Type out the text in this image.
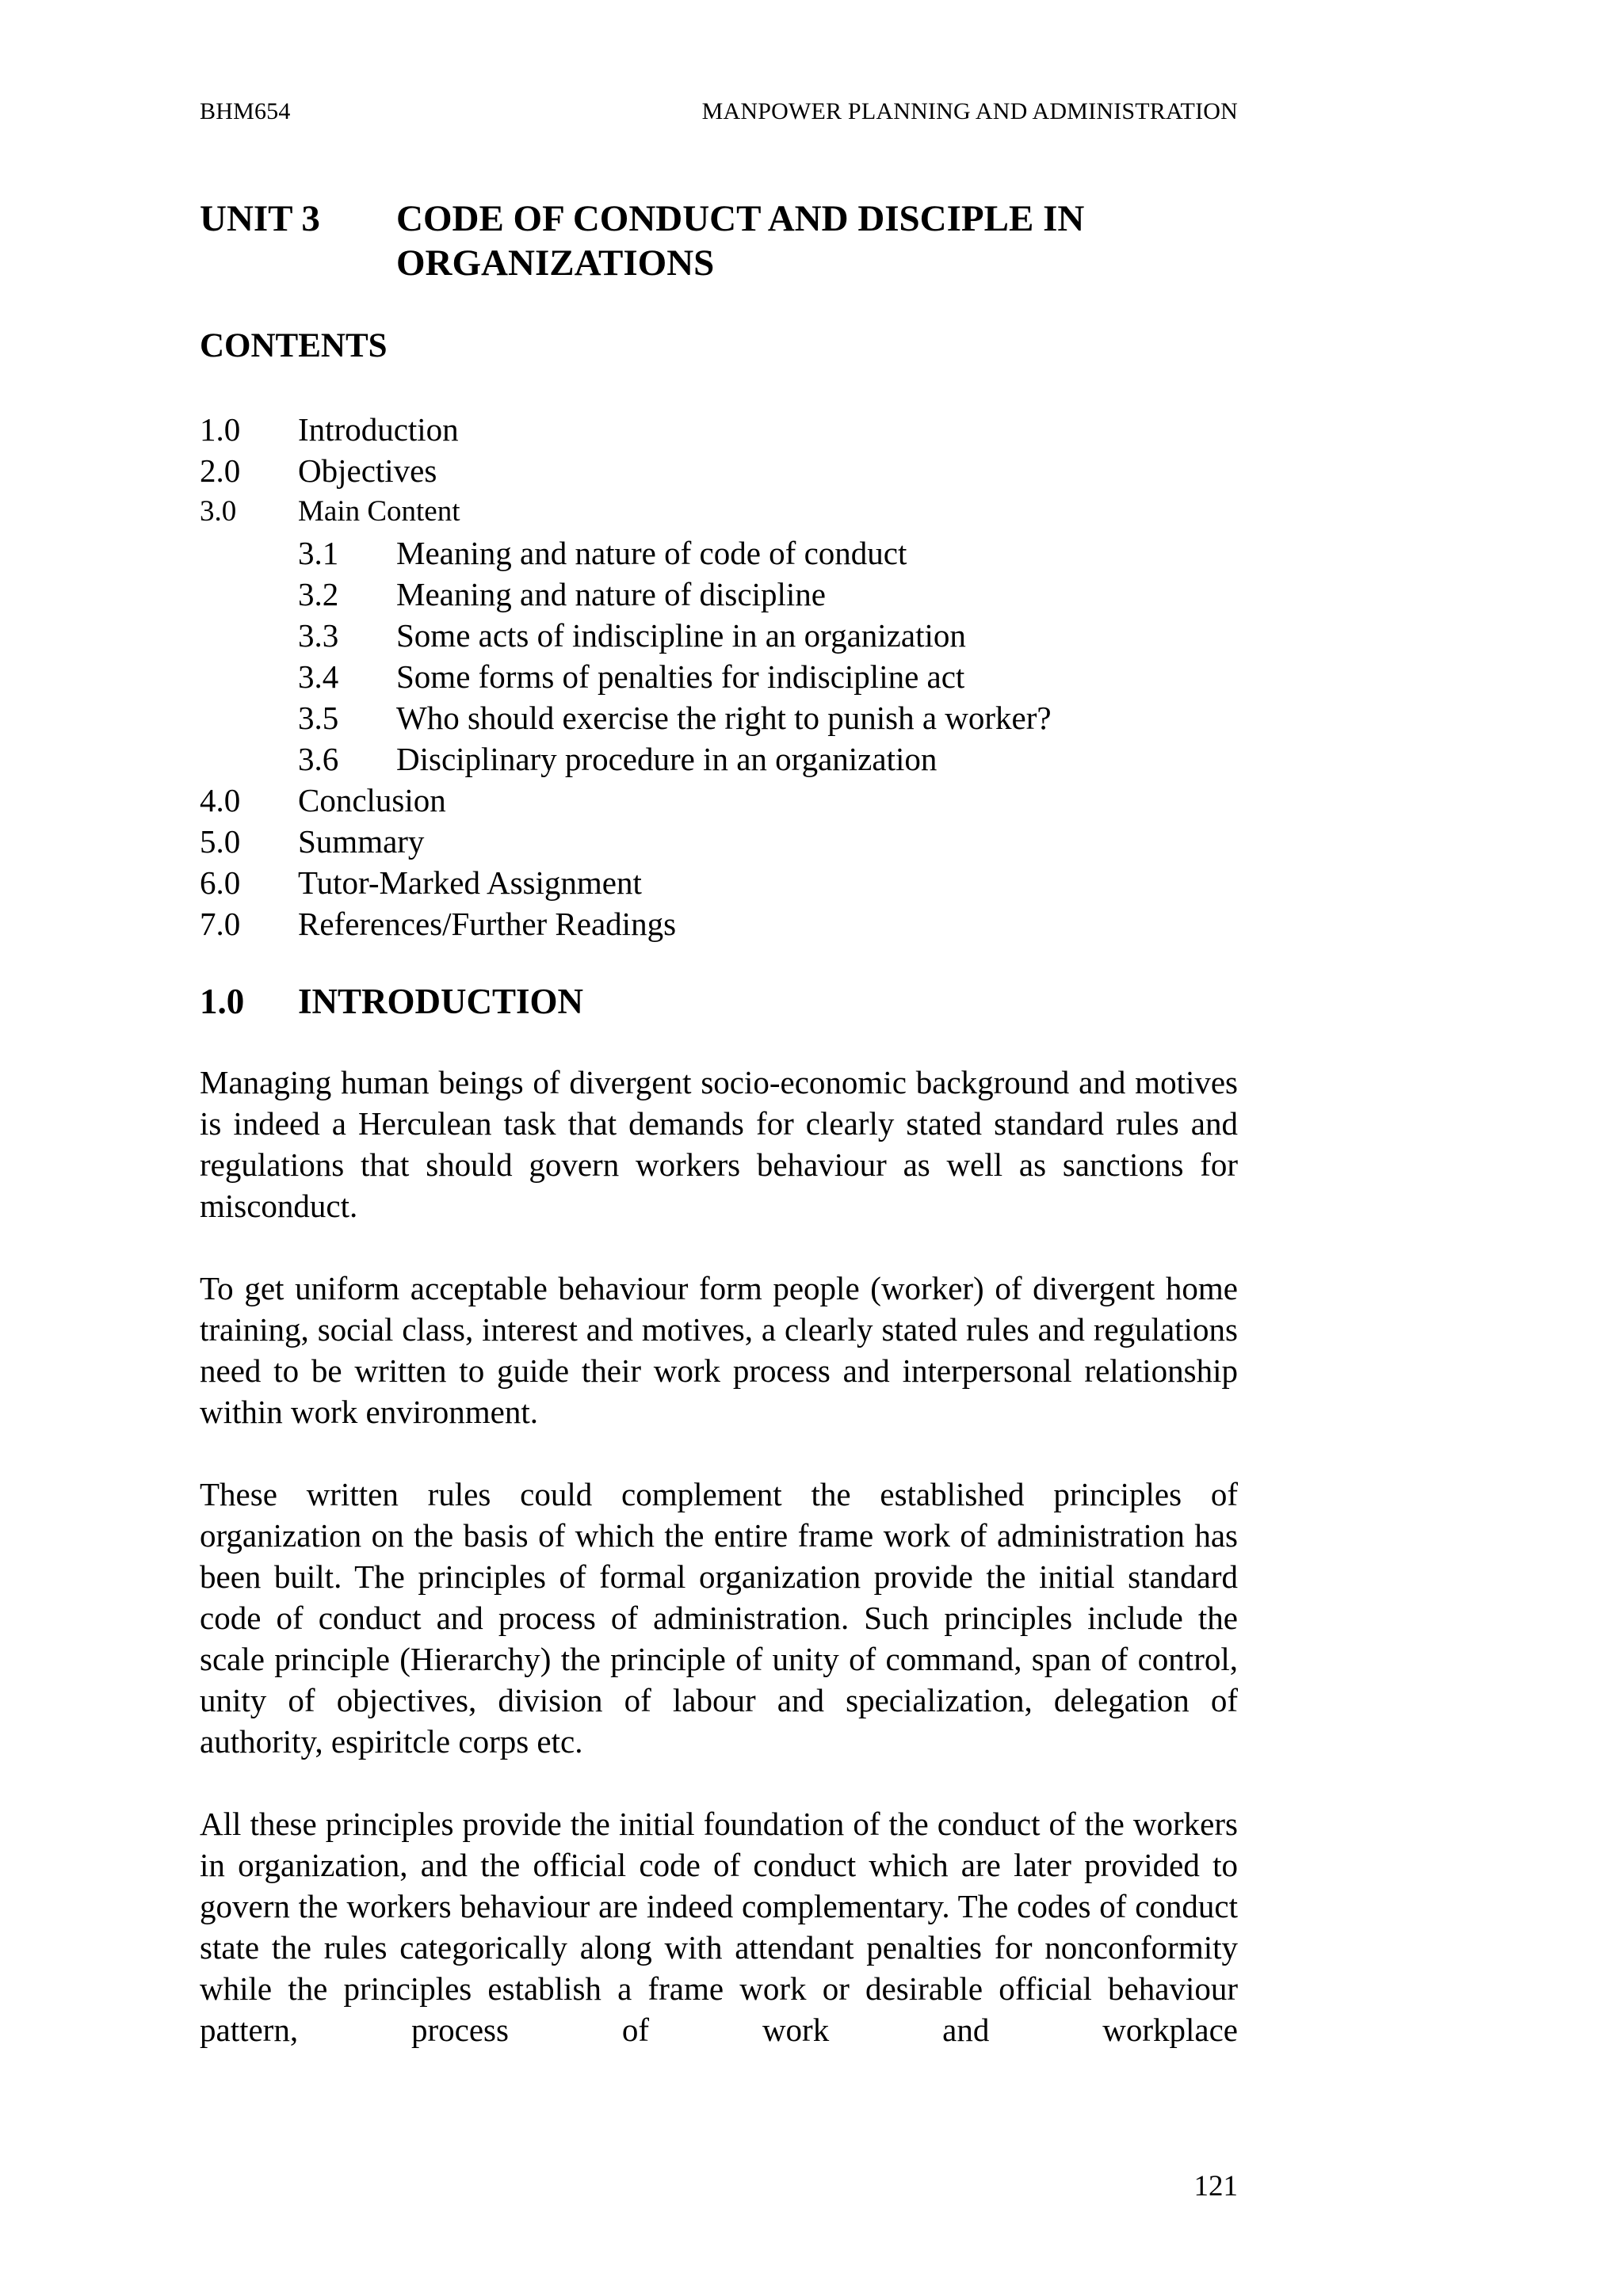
BHM654	MANPOWER PLANNING AND ADMINISTRATION
UNIT 3 CODE OF CONDUCT AND DISCIPLE IN ORGANIZATIONS
CONTENTS
1.0 Introduction
2.0 Objectives
3.0 Main Content
3.1 Meaning and nature of code of conduct
3.2 Meaning and nature of discipline
3.3 Some acts of indiscipline in an organization
3.4 Some forms of penalties for indiscipline act
3.5 Who should exercise the right to punish a worker?
3.6 Disciplinary procedure in an organization
4.0 Conclusion
5.0 Summary
6.0 Tutor-Marked Assignment
7.0 References/Further Readings
1.0 INTRODUCTION

Managing human beings of divergent socio-economic background and motives is indeed a Herculean task that demands for clearly stated standard rules and regulations that should govern workers behaviour as well as sanctions for misconduct.

To get uniform acceptable behaviour form people (worker) of divergent home training, social class, interest and motives, a clearly stated rules and regulations need to be written to guide their work process and interpersonal relationship within work environment.

These written rules could complement the established principles of organization on the basis of which the entire frame work of administration has been built. The principles of formal organization provide the initial standard code of conduct and process of administration. Such principles include the scale principle (Hierarchy) the principle of unity of command, span of control, unity of objectives, division of labour and specialization, delegation of authority, espiritcle corps etc.

All these principles provide the initial foundation of the conduct of the workers in organization, and the official code of conduct which are later provided to govern the workers behaviour are indeed complementary. The codes of conduct state the rules categorically along with attendant penalties for nonconformity while the principles establish a frame work or desirable official behaviour pattern, process of work and workplace

121
